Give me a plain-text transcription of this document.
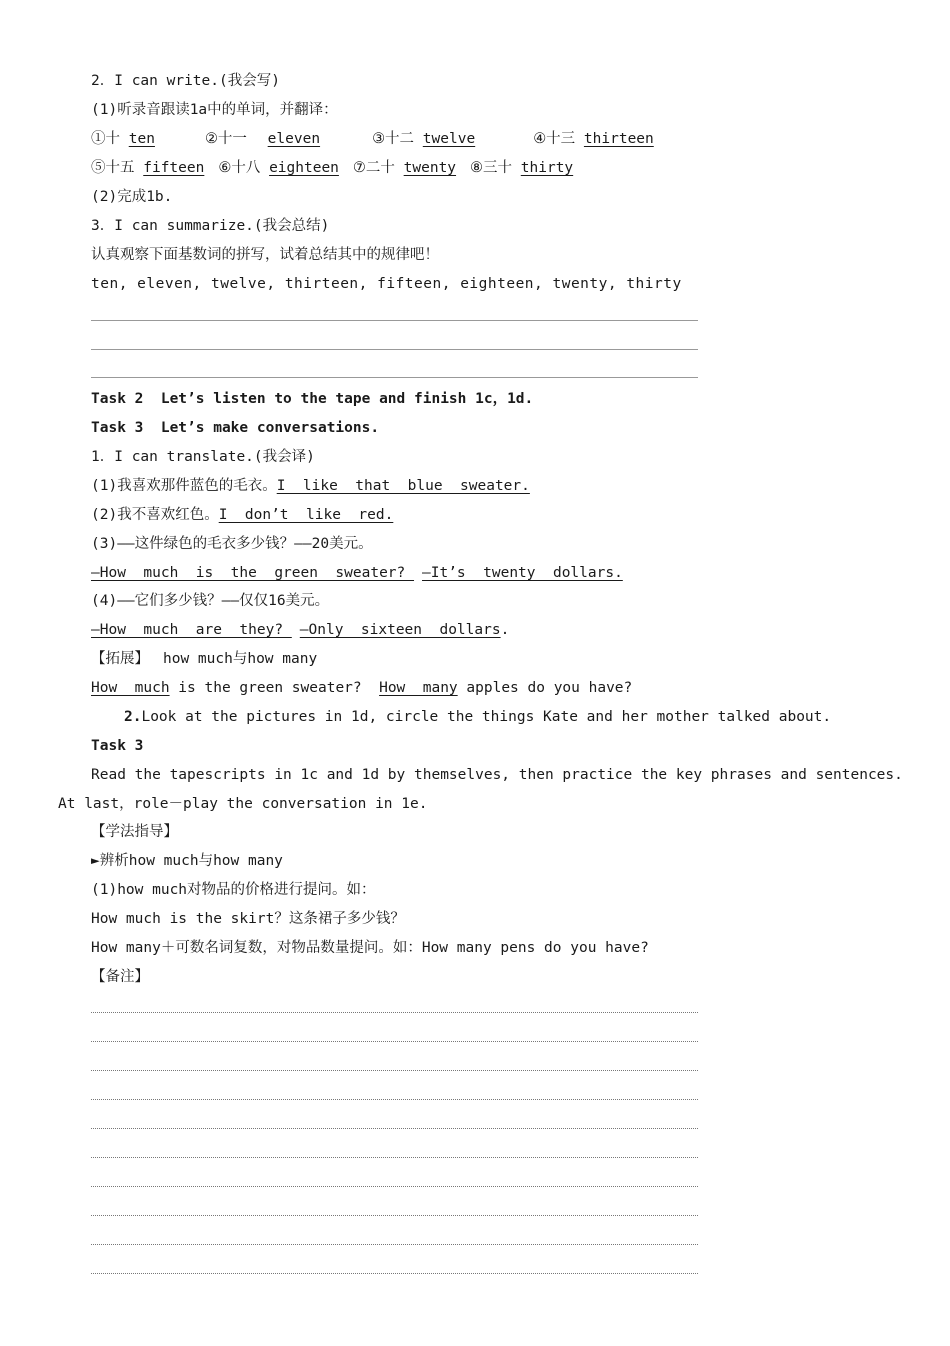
2．I can write.(我会写)
(1)听录音跟读1a中的单词，并翻译：
①十 ten	②十一 eleven	③十二 twelve	④十三 thirteen
⑤十五 fifteen ⑥十八 eighteen ⑦二十 twenty ⑧三十 thirty
(2)完成1b.
3．I can summarize.(我会总结)
认真观察下面基数词的拼写，试着总结其中的规律吧！
ten, eleven, twelve, thirteen, fifteen, eighteen, twenty, thirty
Task 2  Let’s listen to the tape and finish 1c，1d.
Task 3  Let’s make conversations.
1．I can translate.(我会译)
(1)我喜欢那件蓝色的毛衣。I  like  that  blue  sweater.
(2)我不喜欢红色。I  don’t  like  red.
(3)——这件绿色的毛衣多少钱？——20美元。
—How  much  is  the  green  sweater? —It’s  twenty  dollars.
(4)——它们多少钱？——仅仅16美元。
—How  much  are  they? —Only  sixteen  dollars.
【拓展】 how much与how many
How  much is the green sweater?  How  many apples do you have?
2.Look at the pictures in 1d, circle the things Kate and her mother talked about.
Task 3
Read the tapescripts in 1c and 1d by themselves, then practice the key phrases and sentences.
At last，role－play the conversation in 1e.
【学法指导】
►辨析how much与how many
(1)how much对物品的价格进行提问。如：
How much is the skirt？这条裙子多少钱？
How many＋可数名词复数，对物品数量提问。如：How many pens do you have?
【备注】
